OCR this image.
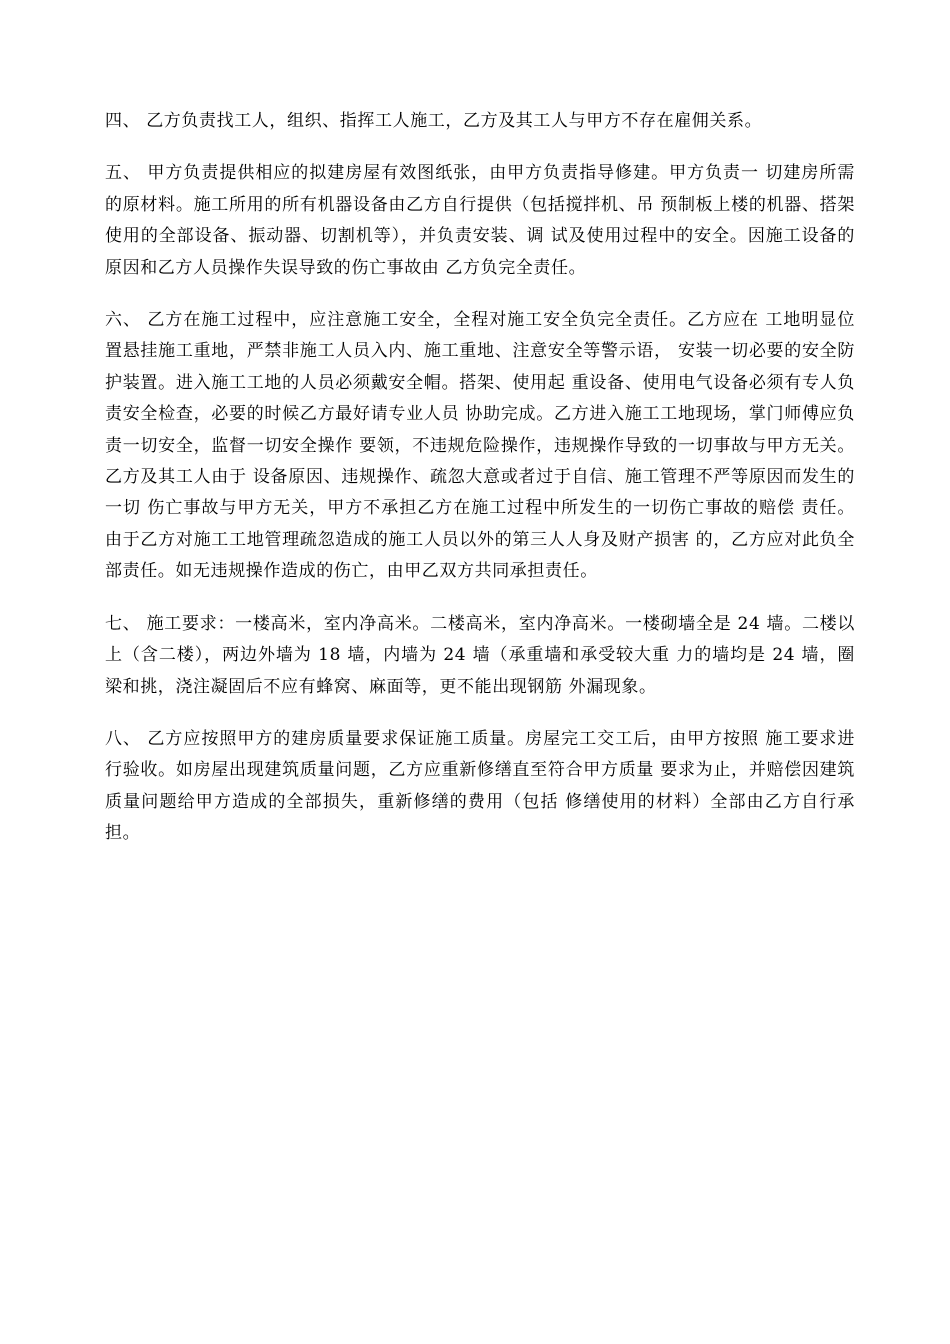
四、 乙方负责找工人，组织、指挥工人施工，乙方及其工人与甲方不存在雇佣关系。

五、 甲方负责提供相应的拟建房屋有效图纸张，由甲方负责指导修建。甲方负责一 切建房所需的原材料。施工所用的所有机器设备由乙方自行提供（包括搅拌机、吊 预制板上楼的机器、搭架使用的全部设备、振动器、切割机等），并负责安装、调 试及使用过程中的安全。因施工设备的原因和乙方人员操作失误导致的伤亡事故由 乙方负完全责任。

六、 乙方在施工过程中，应注意施工安全，全程对施工安全负完全责任。乙方应在 工地明显位置悬挂施工重地，严禁非施工人员入内、施工重地、注意安全等警示语， 安装一切必要的安全防护装置。进入施工工地的人员必须戴安全帽。搭架、使用起 重设备、使用电气设备必须有专人负责安全检查，必要的时候乙方最好请专业人员 协助完成。乙方进入施工工地现场，掌门师傅应负责一切安全，监督一切安全操作 要领，不违规危险操作，违规操作导致的一切事故与甲方无关。乙方及其工人由于 设备原因、违规操作、疏忽大意或者过于自信、施工管理不严等原因而发生的一切 伤亡事故与甲方无关，甲方不承担乙方在施工过程中所发生的一切伤亡事故的赔偿 责任。由于乙方对施工工地管理疏忽造成的施工人员以外的第三人人身及财产损害 的，乙方应对此负全部责任。如无违规操作造成的伤亡，由甲乙双方共同承担责任。

七、 施工要求：一楼高米，室内净高米。二楼高米，室内净高米。一楼砌墙全是 24 墙。二楼以上（含二楼），两边外墙为 18 墙，内墙为 24 墙（承重墙和承受较大重 力的墙均是 24 墙，圈梁和挑，浇注凝固后不应有蜂窝、麻面等，更不能出现钢筋 外漏现象。

八、 乙方应按照甲方的建房质量要求保证施工质量。房屋完工交工后，由甲方按照 施工要求进行验收。如房屋出现建筑质量问题，乙方应重新修缮直至符合甲方质量 要求为止，并赔偿因建筑质量问题给甲方造成的全部损失，重新修缮的费用（包括 修缮使用的材料）全部由乙方自行承担。
